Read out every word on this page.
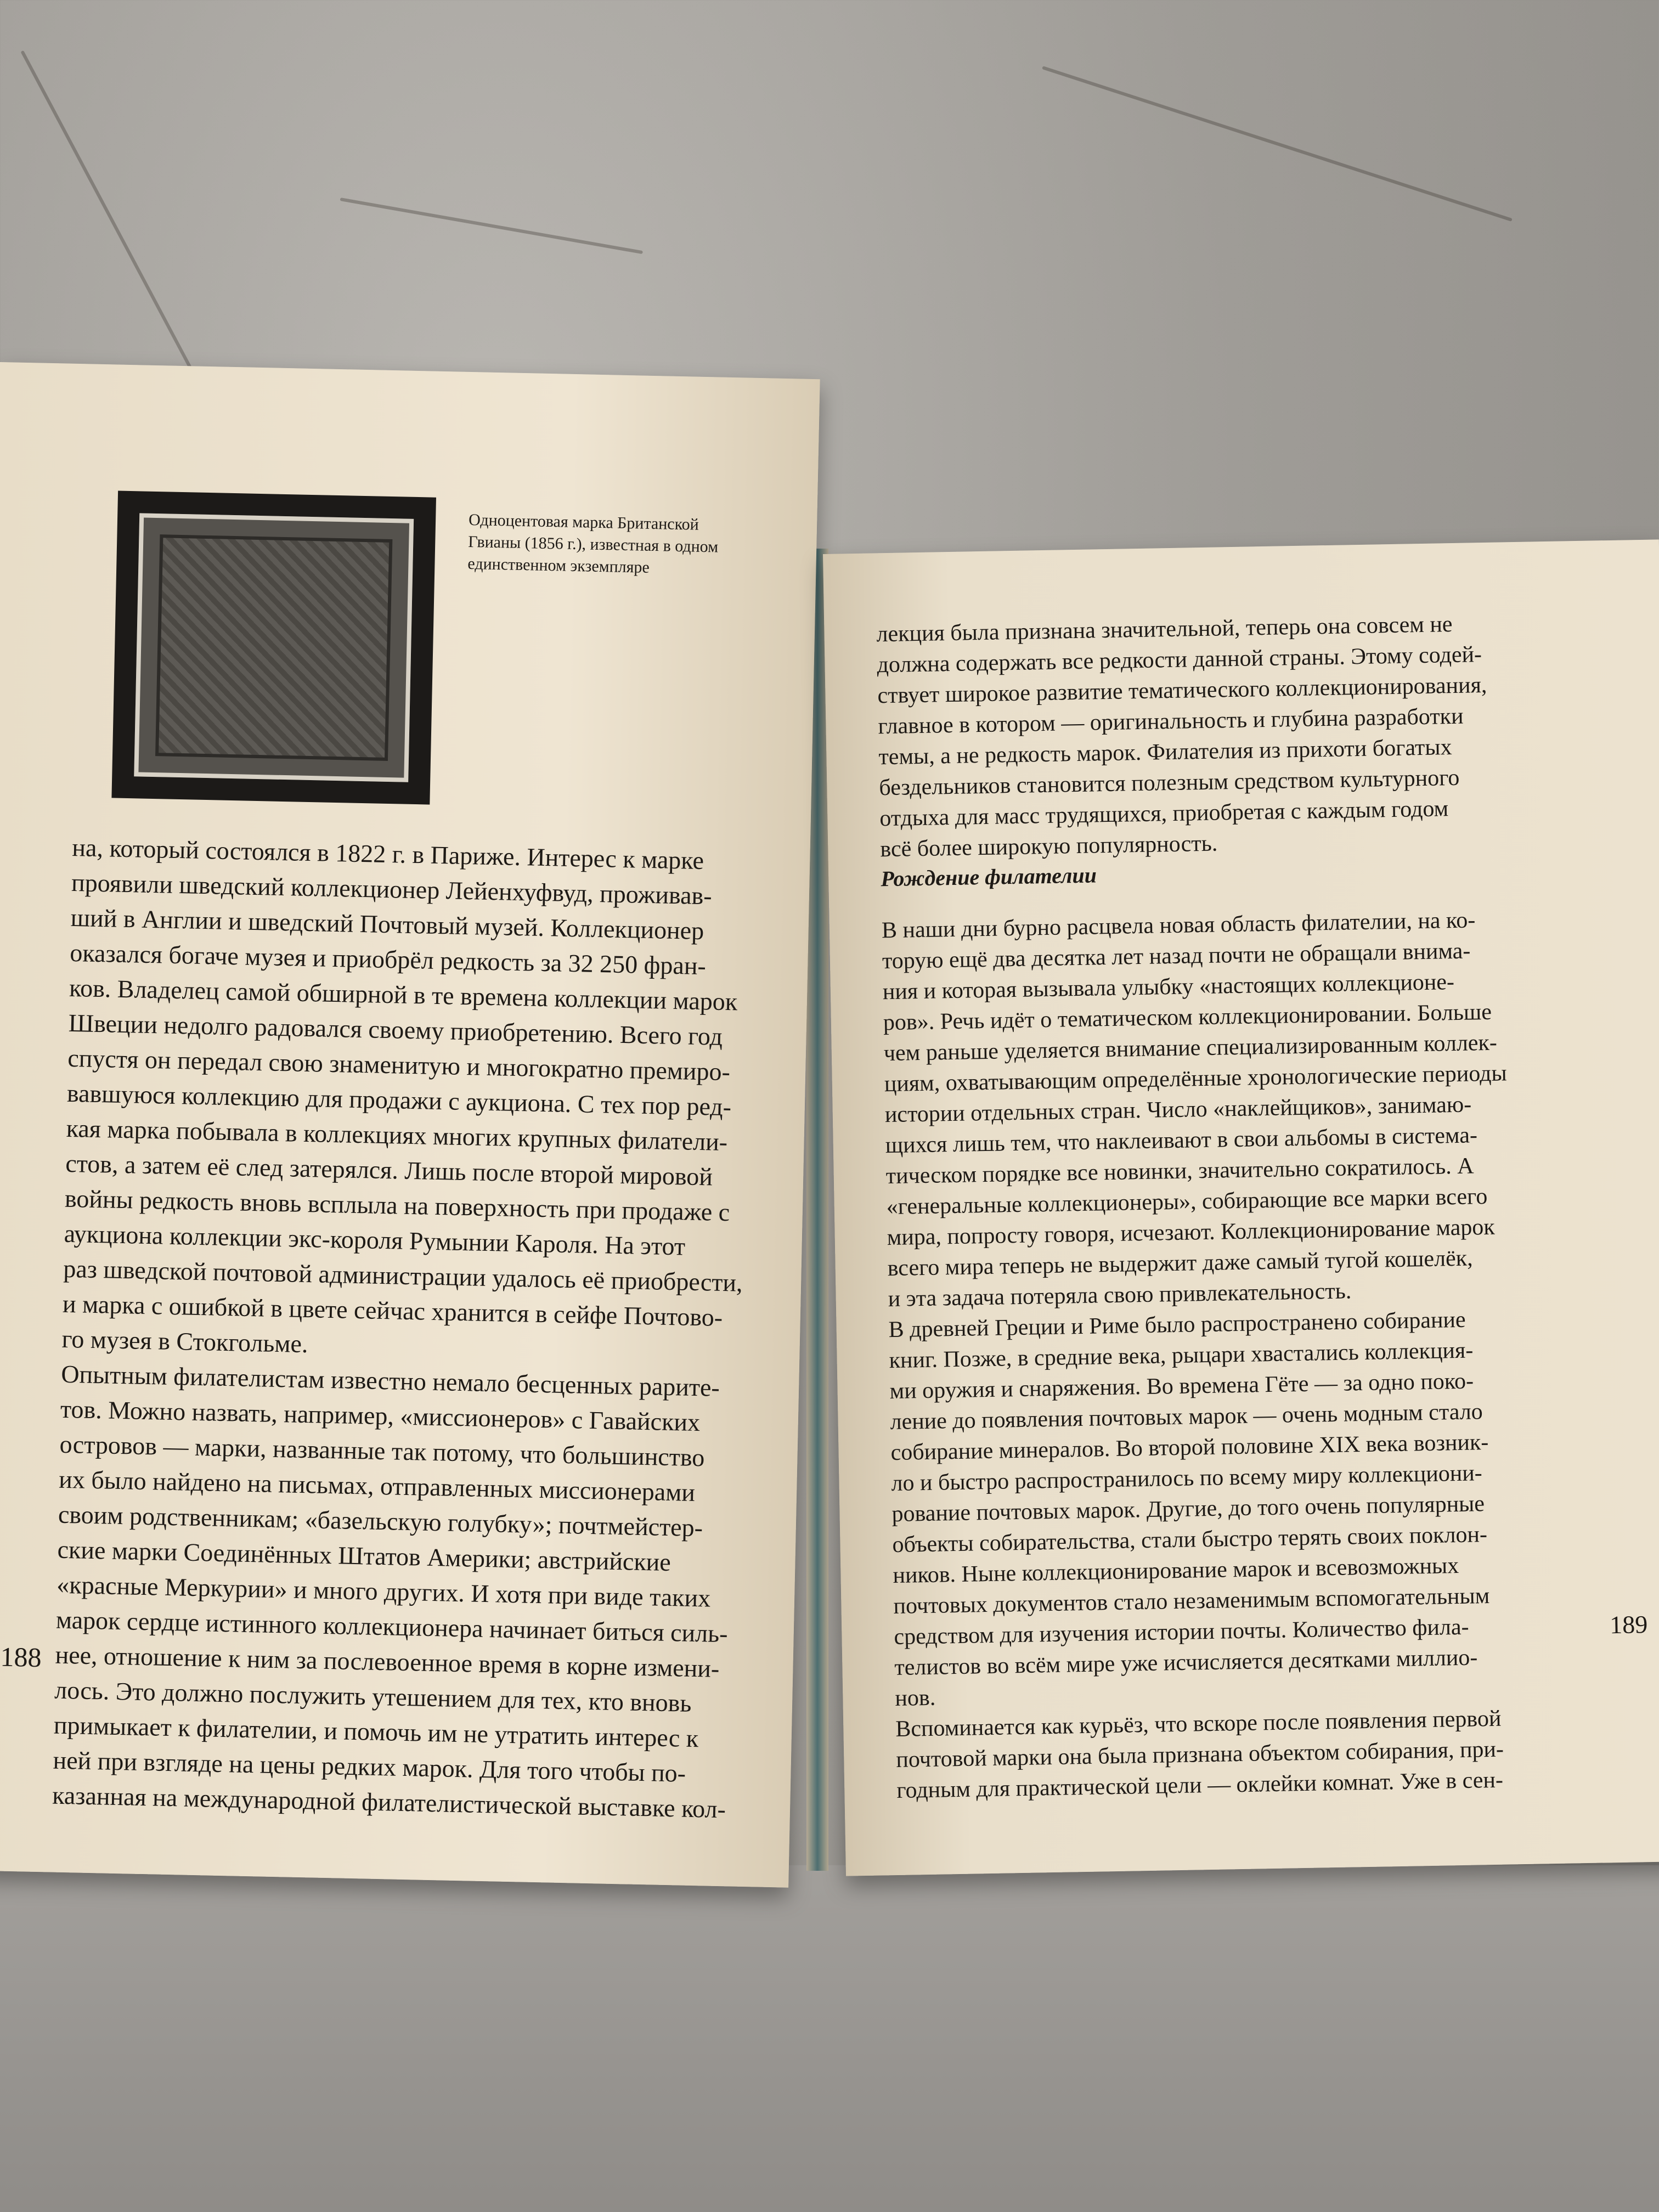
Одноцентовая марка Британской
Гвианы (1856 г.), известная в одном
единственном экземпляре
на, который состоялся в 1822 г. в Париже. Интерес к марке
проявили шведский коллекционер Лейенхуфвуд, проживав-
ший в Англии и шведский Почтовый музей. Коллекционер
оказался богаче музея и приобрёл редкость за 32 250 фран-
ков. Владелец самой обширной в те времена коллекции марок
Швеции недолго радовался своему приобретению. Всего год
спустя он передал свою знаменитую и многократно премиро-
вавшуюся коллекцию для продажи с аукциона. С тех пор ред-
кая марка побывала в коллекциях многих крупных филатели-
стов, а затем её след затерялся. Лишь после второй мировой
войны редкость вновь всплыла на поверхность при продаже с
аукциона коллекции экс-короля Румынии Кароля. На этот
раз шведской почтовой администрации удалось её приобрести,
и марка с ошибкой в цвете сейчас хранится в сейфе Почтово-
го музея в Стокгольме.
Опытным филателистам известно немало бесценных раритe-
тов. Можно назвать, например, «миссионеров» с Гавайских
островов — марки, названные так потому, что большинство
их было найдено на письмах, отправленных миссионерами
своим родственникам; «базельскую голубку»; почтмейстер-
ские марки Соединённых Штатов Америки; австрийские
«красные Меркурии» и много других. И хотя при виде таких
марок сердце истинного коллекционера начинает биться силь-
нее, отношение к ним за послевоенное время в корне измени-
лось. Это должно послужить утешением для тех, кто вновь
примыкает к филателии, и помочь им не утратить интерес к
ней при взгляде на цены редких марок. Для того чтобы по-
казанная на международной филателистической выставке кол-
188
лекция была признана значительной, теперь она совсем не
должна содержать все редкости данной страны. Этому содей-
ствует широкое развитие тематического коллекционирования,
главное в котором — оригинальность и глубина разработки
темы, а не редкость марок. Филателия из прихоти богатых
бездельников становится полезным средством культурного
отдыха для масс трудящихся, приобретая с каждым годом
всё более широкую популярность.
Рождение филателии
В наши дни бурно расцвела новая область филателии, на ко-
торую ещё два десятка лет назад почти не обращали внима-
ния и которая вызывала улыбку «настоящих коллекционе-
ров». Речь идёт о тематическом коллекционировании. Больше
чем раньше уделяется внимание специализированным коллек-
циям, охватывающим определённые хронологические периоды
истории отдельных стран. Число «наклейщиков», занимаю-
щихся лишь тем, что наклеивают в свои альбомы в система-
тическом порядке все новинки, значительно сократилось. А
«генеральные коллекционеры», собирающие все марки всего
мира, попросту говоря, исчезают. Коллекционирование марок
всего мира теперь не выдержит даже самый тугой кошелёк,
и эта задача потеряла свою привлекательность.
В древней Греции и Риме было распространено собирание
книг. Позже, в средние века, рыцари хвастались коллекция-
ми оружия и снаряжения. Во времена Гёте — за одно поко-
ление до появления почтовых марок — очень модным стало
собирание минералов. Во второй половине XIX века возник-
ло и быстро распространилось по всему миру коллекциони-
рование почтовых марок. Другие, до того очень популярные
объекты собирательства, стали быстро терять своих поклон-
ников. Ныне коллекционирование марок и всевозможных
почтовых документов стало незаменимым вспомогательным
средством для изучения истории почты. Количество фила-
телистов во всём мире уже исчисляется десятками миллио-
нов.
Вспоминается как курьёз, что вскоре после появления первой
почтовой марки она была признана объектом собирания, при-
годным для практической цели — оклейки комнат. Уже в сен-
189
